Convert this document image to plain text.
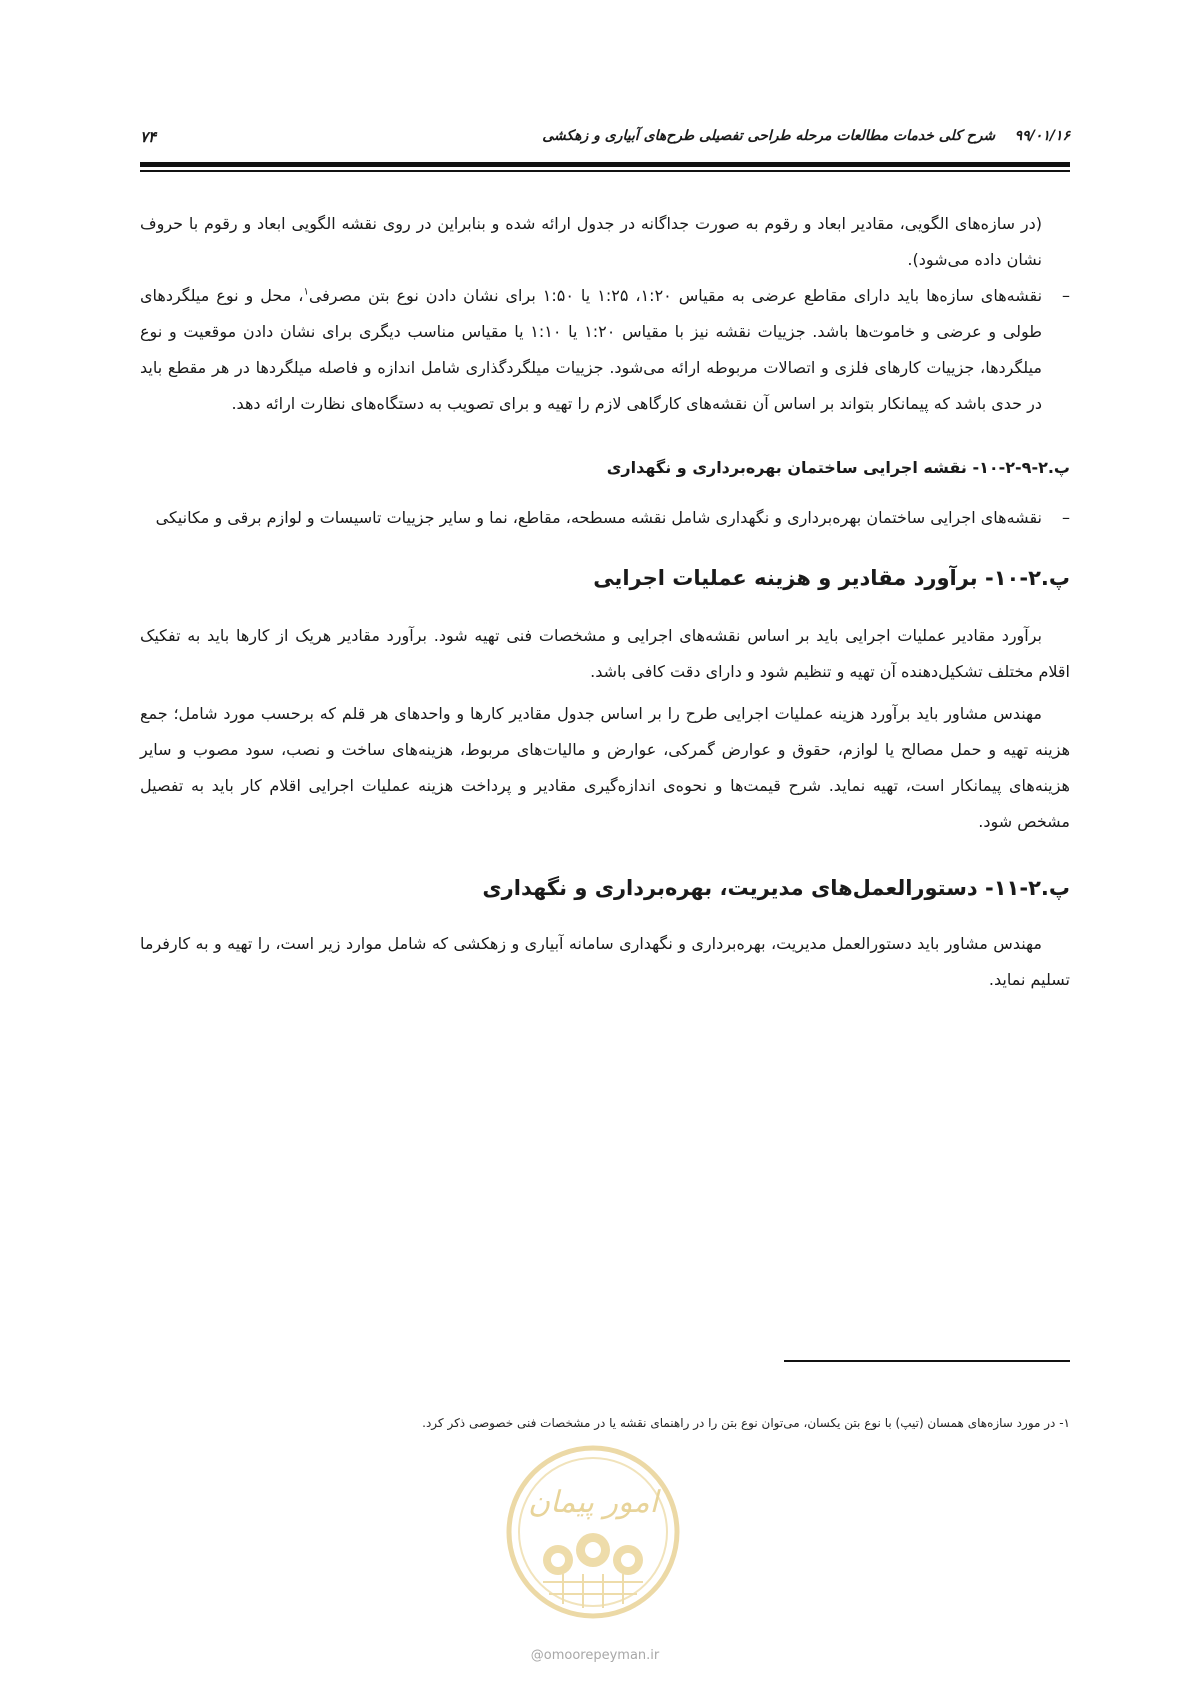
۹۹/۰۱/۱۶    شرح کلی خدمات مطالعات مرحله طراحی تفصیلی طرح‌های آبیاری و زهکشی
۷۴

(در سازه‌های الگویی، مقادیر ابعاد و رقوم به صورت جداگانه در جدول ارائه شده و بنابراین در روی نقشه الگویی ابعاد و رقوم با حروف نشان داده می‌شود).

–
نقشه‌های سازه‌ها باید دارای مقاطع عرضی به مقیاس ۱:۲۰، ۱:۲۵ یا ۱:۵۰ برای نشان دادن نوع بتن مصرفی$^۱$، محل و نوع میلگردهای طولی و عرضی و خاموت‌ها باشد. جزییات نقشه نیز با مقیاس ۱:۲۰ یا ۱:۱۰ یا مقیاس مناسب دیگری برای نشان دادن موقعیت و نوع میلگردها، جزییات کارهای فلزی و اتصالات مربوطه ارائه می‌شود. جزییات میلگردگذاری شامل اندازه و فاصله میلگردها در هر مقطع باید در حدی باشد که پیمانکار بتواند بر اساس آن نقشه‌های کارگاهی لازم را تهیه و برای تصویب به دستگاه‌های نظارت ارائه دهد.

پ.۲-۹-۲-۱۰- نقشه اجرایی ساختمان بهره‌برداری و نگهداری

–
نقشه‌های اجرایی ساختمان بهره‌برداری و نگهداری شامل نقشه مسطحه، مقاطع، نما و سایر جزییات تاسیسات و لوازم برقی و مکانیکی

پ.۲-۱۰- برآورد مقادیر و هزینه عملیات اجرایی

برآورد مقادیر عملیات اجرایی باید بر اساس نقشه‌های اجرایی و مشخصات فنی تهیه شود. برآورد مقادیر هریک از کارها باید به تفکیک اقلام مختلف تشکیل‌دهنده آن تهیه و تنظیم شود و دارای دقت کافی باشد.

مهندس مشاور باید برآورد هزینه عملیات اجرایی طرح را بر اساس جدول مقادیر کارها و واحدهای هر قلم که برحسب مورد شامل؛ جمع هزینه تهیه و حمل مصالح یا لوازم، حقوق و عوارض گمرکی، عوارض و مالیات‌های مربوط، هزینه‌های ساخت و نصب، سود مصوب و سایر هزینه‌های پیمانکار است، تهیه نماید. شرح قیمت‌ها و نحوه‌ی اندازه‌گیری مقادیر و پرداخت هزینه عملیات اجرایی اقلام کار باید به تفصیل مشخص شود.

پ.۲-۱۱- دستورالعمل‌های مدیریت، بهره‌برداری و نگهداری

مهندس مشاور باید دستورالعمل مدیریت، بهره‌برداری و نگهداری سامانه آبیاری و زهکشی که شامل موارد زیر است، را تهیه و به کارفرما تسلیم نماید.

۱- در مورد سازه‌های همسان (تیپ) با نوع بتن یکسان، می‌توان نوع بتن را در راهنمای نقشه یا در مشخصات فنی خصوصی ذکر کرد.
امور پیمان
@omoorepeyman.ir
